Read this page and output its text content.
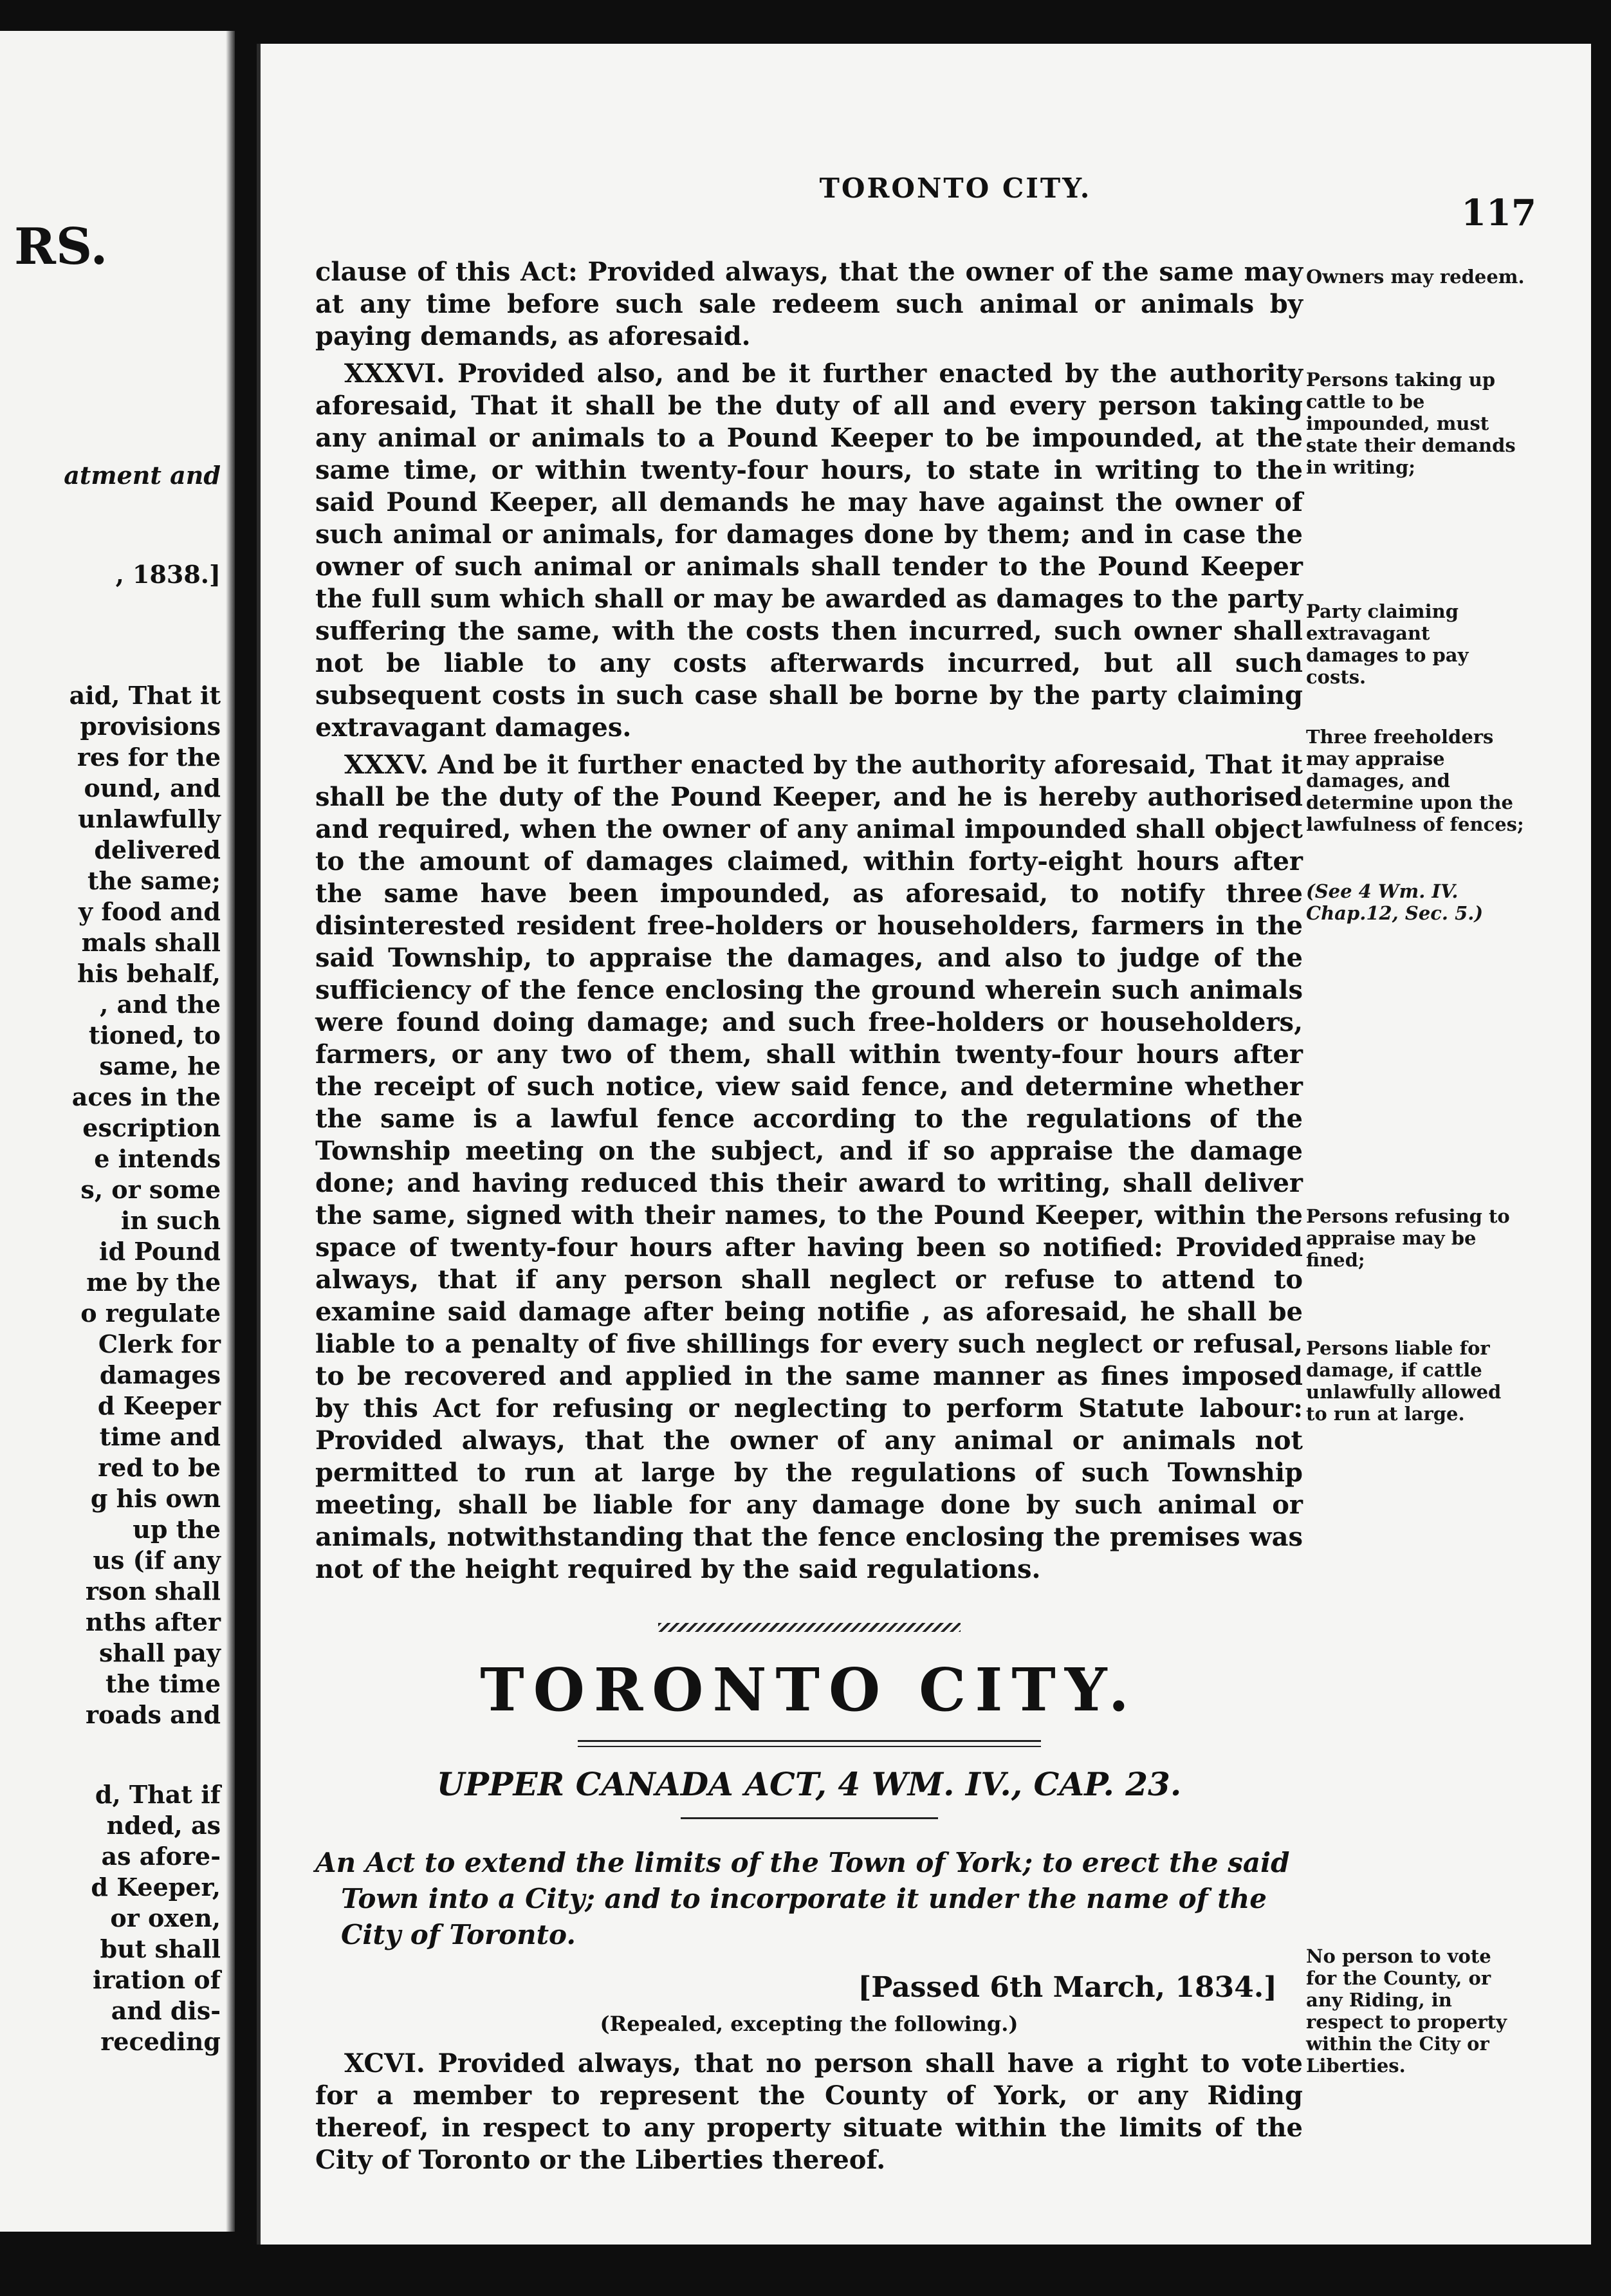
RS.
atment and
, 1838.]
aid, That it
provisions
res for the
ound, and
unlawfully
delivered
the same;
y food and
mals shall
his behalf,
, and the
tioned, to
same, he
aces in the
escription
e intends
s, or some
in such
id Pound
me by the
o regulate
Clerk for
damages
d Keeper
time and
red to be
g his own
up the
us (if any
rson shall
nths after
shall pay
the time
roads and
d, That if
nded, as
as afore-
d Keeper,
or oxen,
but shall
iration of
and dis-
receding
TORONTO CITY.
117

clause of this Act: Provided always, that the owner of the same may at any time before such sale redeem such animal or animals by paying demands, as aforesaid.

XXXVI. Provided also, and be it further enacted by the authority aforesaid, That it shall be the duty of all and every person taking any animal or animals to a Pound Keeper to be impounded, at the same time, or within twenty-four hours, to state in writing to the said Pound Keeper, all demands he may have against the owner of such animal or animals, for damages done by them; and in case the owner of such animal or animals shall tender to the Pound Keeper the full sum which shall or may be awarded as damages to the party suffering the same, with the costs then incurred, such owner shall not be liable to any costs afterwards incurred, but all such subsequent costs in such case shall be borne by the party claiming extravagant damages.

XXXV. And be it further enacted by the authority aforesaid, That it shall be the duty of the Pound Keeper, and he is hereby authorised and required, when the owner of any animal impounded shall object to the amount of damages claimed, within forty-eight hours after the same have been impounded, as aforesaid, to notify three disinterested resident free-holders or householders, farmers in the said Township, to appraise the damages, and also to judge of the sufficiency of the fence enclosing the ground wherein such animals were found doing damage; and such free-holders or householders, farmers, or any two of them, shall within twenty-four hours after the receipt of such notice, view said fence, and determine whether the same is a lawful fence according to the regulations of the Township meeting on the subject, and if so appraise the damage done; and having reduced this their award to writing, shall deliver the same, signed with their names, to the Pound Keeper, within the space of twenty-four hours after having been so notified: Provided always, that if any person shall neglect or refuse to attend to examine said damage after being notifie , as aforesaid, he shall be liable to a penalty of five shillings for every such neglect or refusal, to be recovered and applied in the same manner as fines imposed by this Act for refusing or neglecting to perform Statute labour: Provided always, that the owner of any animal or animals not permitted to run at large by the regulations of such Township meeting, shall be liable for any damage done by such animal or animals, notwithstanding that the fence enclosing the premises was not of the height required by the said regulations.

TORONTO CITY.
UPPER CANADA ACT, 4 WM. IV., CAP. 23.

An Act to extend the limits of the Town of York; to erect the said Town into a City; and to incorporate it under the name of the City of Toronto.

[Passed 6th March, 1834.]

(Repealed, excepting the following.)

XCVI. Provided always, that no person shall have a right to vote for a member to represent the County of York, or any Riding thereof, in respect to any property situate within the limits of the City of Toronto or the Liberties thereof.

Owners may redeem.
Persons taking up cattle to be impounded, must state their demands in writing;
Party claiming extravagant damages to pay costs.
Three freeholders may appraise damages, and determine upon the lawfulness of fences;
(See 4 Wm. IV. Chap.12, Sec. 5.)
Persons refusing to appraise may be fined;
Persons liable for damage, if cattle unlawfully allowed to run at large.
No person to vote for the County, or any Riding, in respect to property within the City or Liberties.
